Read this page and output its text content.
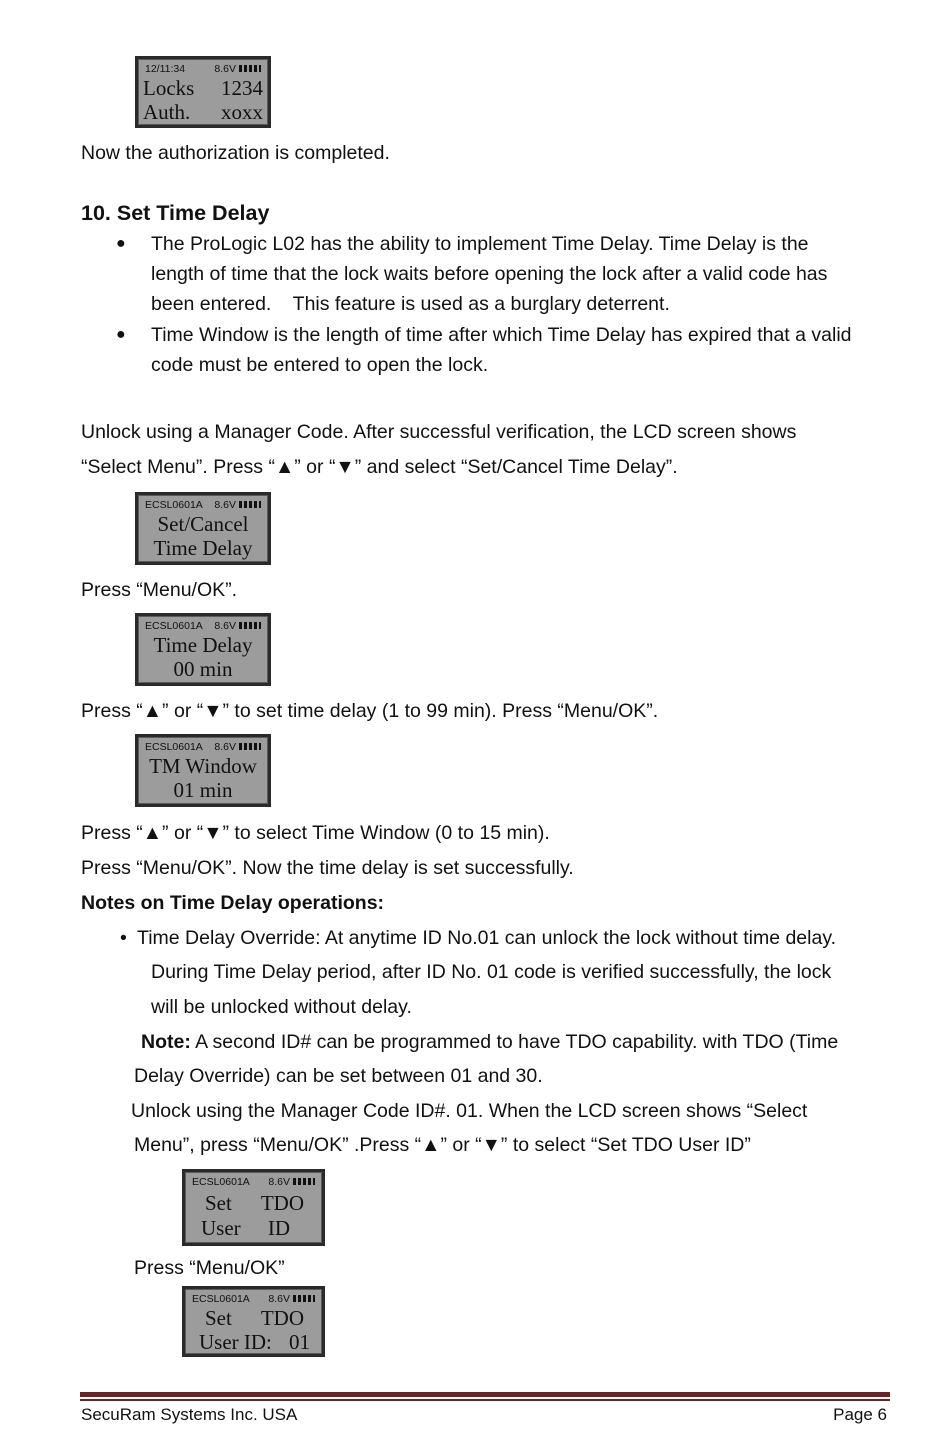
12/11:34	8.6V
Locks 1234
Auth. xoxx
Now the authorization is completed.
10. Set Time Delay
● The ProLogic L02 has the ability to implement Time Delay. Time Delay is the
length of time that the lock waits before opening the lock after a valid code has
been entered.    This feature is used as a burglary deterrent.
● Time Window is the length of time after which Time Delay has expired that a valid
code must be entered to open the lock.
Unlock using a Manager Code. After successful verification, the LCD screen shows
“Select Menu”. Press “▲” or “▼” and select “Set/Cancel Time Delay”.
ECSL0601A 8.6V
Set/Cancel
Time Delay
Press “Menu/OK”.
ECSL0601A 8.6V
Time Delay
00 min
Press “▲” or “▼” to set time delay (1 to 99 min). Press “Menu/OK”.
ECSL0601A 8.6V
TM Window
01 min
Press “▲” or “▼” to select Time Window (0 to 15 min).
Press “Menu/OK”. Now the time delay is set successfully.
Notes on Time Delay operations:
• Time Delay Override: At anytime ID No.01 can unlock the lock without time delay.
During Time Delay period, after ID No. 01 code is verified successfully, the lock
will be unlocked without delay.
Note: A second ID# can be programmed to have TDO capability. with TDO (Time
Delay Override) can be set between 01 and 30.
Unlock using the Manager Code ID#. 01. When the LCD screen shows “Select
Menu”, press “Menu/OK” .Press “▲” or “▼” to select “Set TDO User ID”
ECSL0601A 8.6V
Set TDO
User ID
Press “Menu/OK”
ECSL0601A 8.6V
Set TDO
User ID: 01
SecuRam Systems Inc. USA	Page 6
